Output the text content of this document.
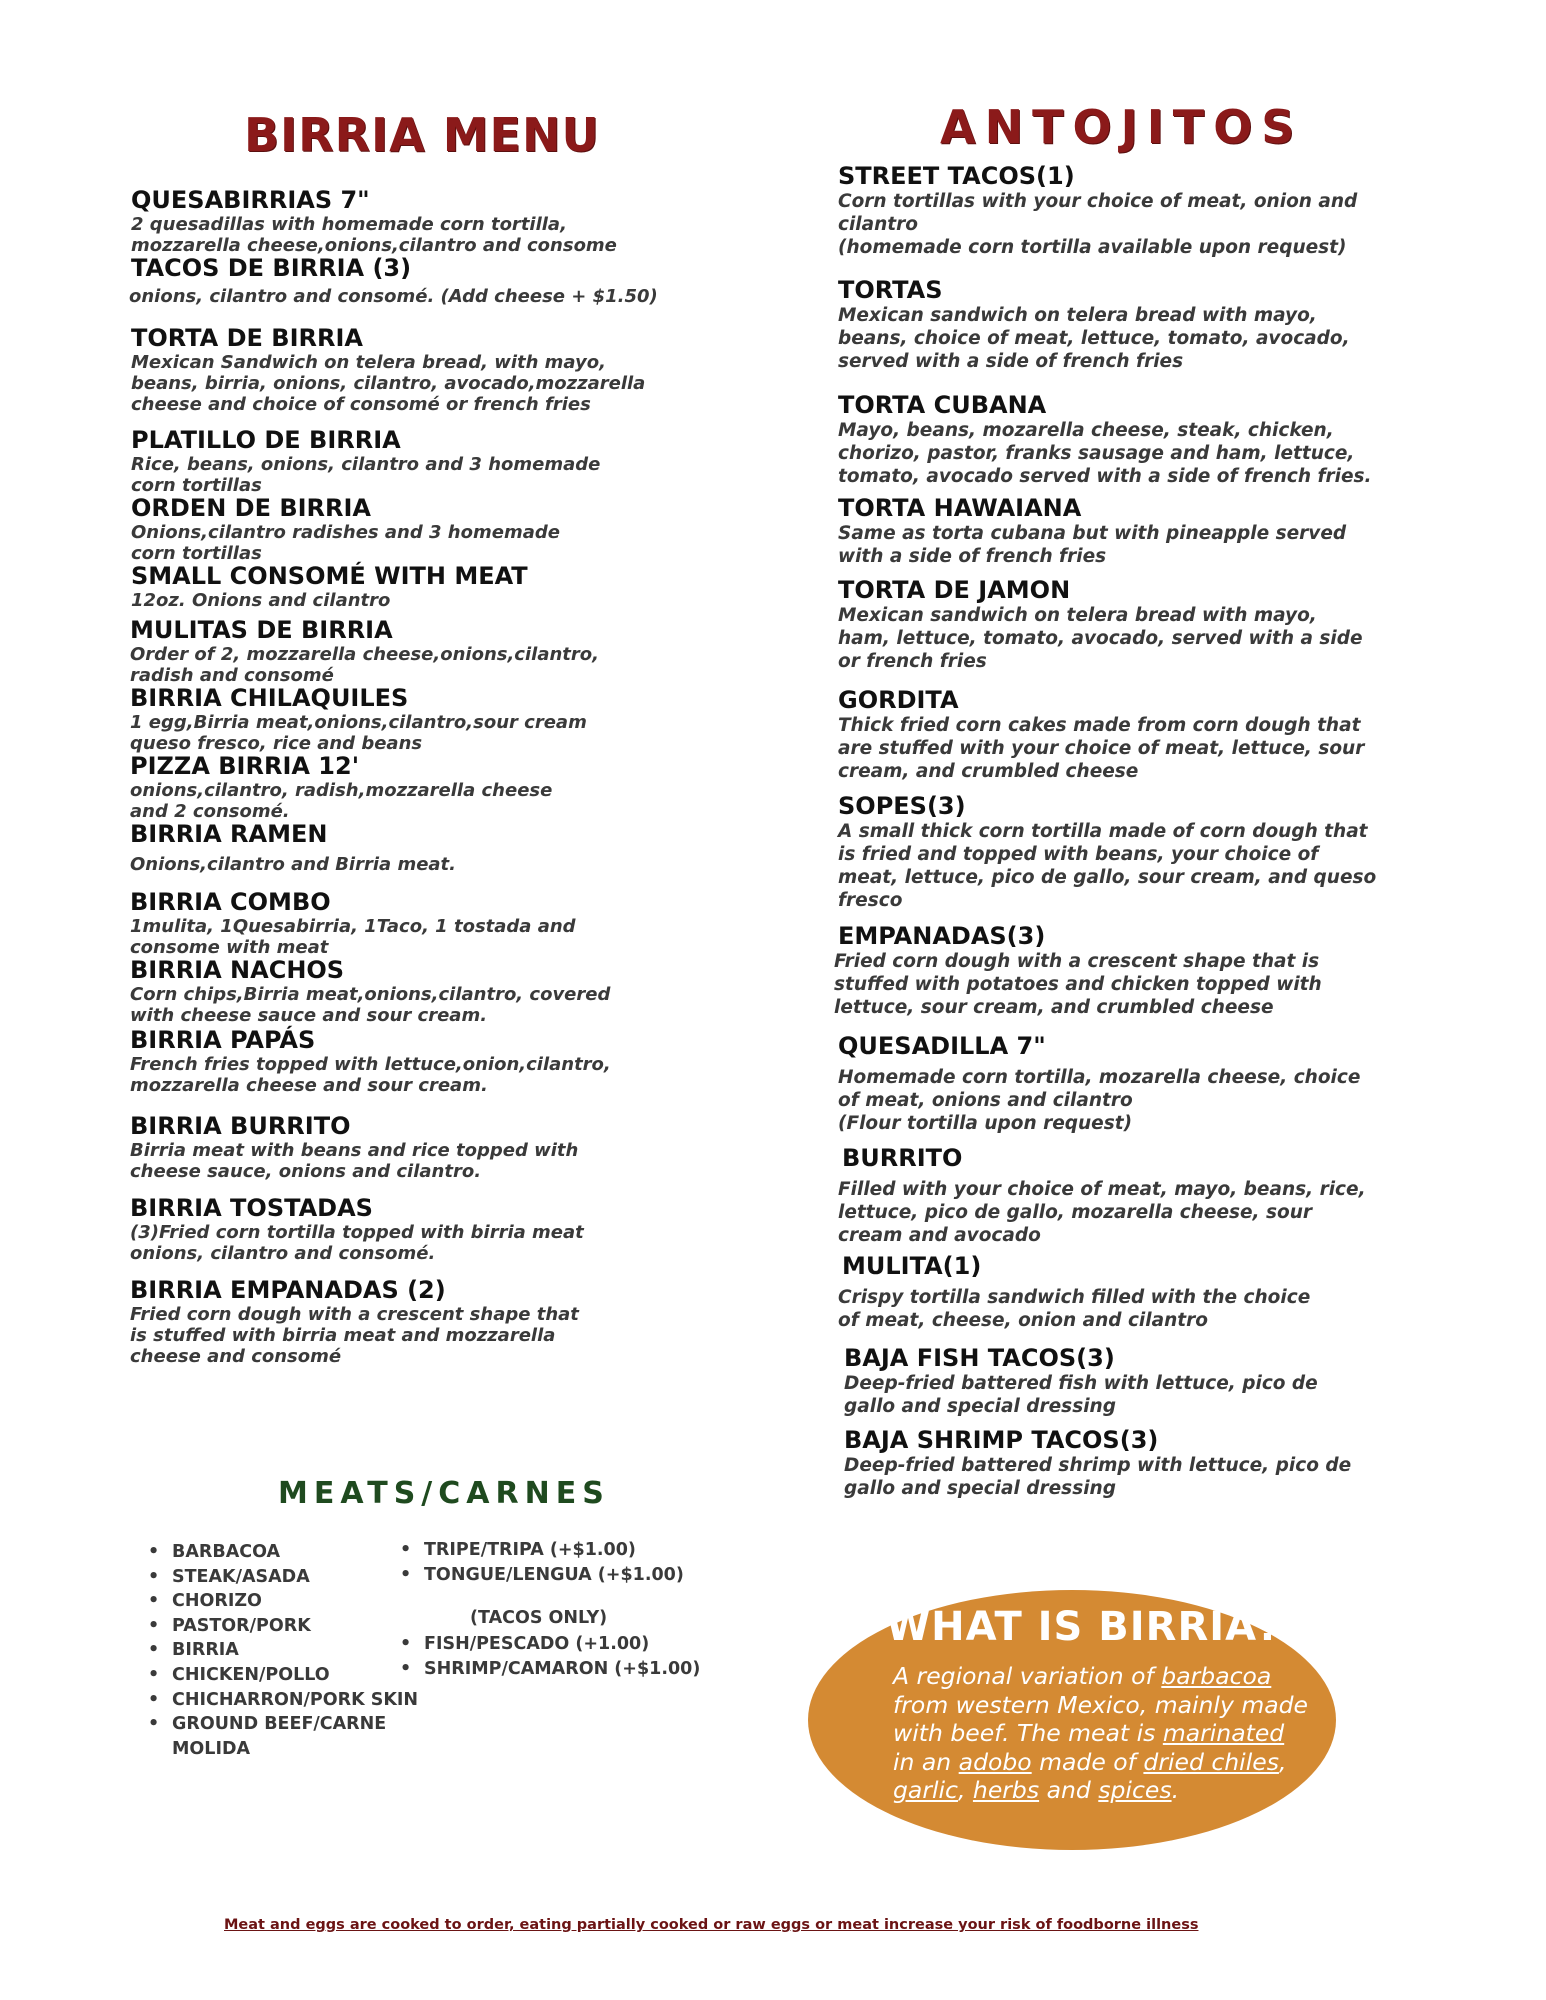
BIRRIA MENU	ANTOJITOS
QUESABIRRIAS 7"
2 quesadillas with homemade corn tortilla,
mozzarella cheese,onions,cilantro and consome
TACOS DE BIRRIA (3)
onions, cilantro and consomé. (Add cheese + $1.50)
TORTA DE BIRRIA
Mexican Sandwich on telera bread, with mayo,
beans, birria, onions, cilantro, avocado,mozzarella
cheese and choice of consomé or french fries
PLATILLO DE BIRRIA
Rice, beans, onions, cilantro and 3 homemade
corn tortillas
ORDEN DE BIRRIA
Onions,cilantro radishes and 3 homemade
corn tortillas
SMALL CONSOMÉ WITH MEAT
12oz. Onions and cilantro
MULITAS DE BIRRIA
Order of 2, mozzarella cheese,onions,cilantro,
radish and consomé
BIRRIA CHILAQUILES
1 egg,Birria meat,onions,cilantro,sour cream
queso fresco, rice and beans
PIZZA BIRRIA 12'
onions,cilantro, radish,mozzarella cheese
and 2 consomé.
BIRRIA RAMEN
Onions,cilantro and Birria meat.
BIRRIA COMBO
1mulita, 1Quesabirria, 1Taco, 1 tostada and
consome with meat
BIRRIA NACHOS
Corn chips,Birria meat,onions,cilantro, covered
with cheese sauce and sour cream.
BIRRIA PAPÁS
French fries topped with lettuce,onion,cilantro,
mozzarella cheese and sour cream.
BIRRIA BURRITO
Birria meat with beans and rice topped with
cheese sauce, onions and cilantro.
BIRRIA TOSTADAS
(3)Fried corn tortilla topped with birria meat
onions, cilantro and consomé.
BIRRIA EMPANADAS (2)
Fried corn dough with a crescent shape that
is stuffed with birria meat and mozzarella
cheese and consomé
STREET TACOS(1)
Corn tortillas with your choice of meat, onion and
cilantro
(homemade corn tortilla available upon request)
TORTAS
Mexican sandwich on telera bread with mayo,
beans, choice of meat, lettuce, tomato, avocado,
served with a side of french fries
TORTA CUBANA
Mayo, beans, mozarella cheese, steak, chicken,
chorizo, pastor, franks sausage and ham, lettuce,
tomato, avocado served with a side of french fries.
TORTA HAWAIANA
Same as torta cubana but with pineapple served
with a side of french fries
TORTA DE JAMON
Mexican sandwich on telera bread with mayo,
ham, lettuce, tomato, avocado, served with a side
or french fries
GORDITA
Thick fried corn cakes made from corn dough that
are stuffed with your choice of meat, lettuce, sour
cream, and crumbled cheese
SOPES(3)
A small thick corn tortilla made of corn dough that
is fried and topped with beans, your choice of
meat, lettuce, pico de gallo, sour cream, and queso
fresco
EMPANADAS(3)
Fried corn dough with a crescent shape that is
stuffed with potatoes and chicken topped with
lettuce, sour cream, and crumbled cheese
QUESADILLA 7"
Homemade corn tortilla, mozarella cheese, choice
of meat, onions and cilantro
(Flour tortilla upon request)
BURRITO
Filled with your choice of meat, mayo, beans, rice,
lettuce, pico de gallo, mozarella cheese, sour
cream and avocado
MULITA(1)
Crispy tortilla sandwich filled with the choice
of meat, cheese, onion and cilantro
BAJA FISH TACOS(3)
Deep-fried battered fish with lettuce, pico de
gallo and special dressing
BAJA SHRIMP TACOS(3)
Deep-fried battered shrimp with lettuce, pico de
gallo and special dressing
MEATS/CARNES
• BARBACOA
• STEAK/ASADA
• CHORIZO
• PASTOR/PORK
• BIRRIA
• CHICKEN/POLLO
• CHICHARRON/PORK SKIN
• GROUND BEEF/CARNE MOLIDA
• TRIPE/TRIPA (+$1.00)
• TONGUE/LENGUA (+$1.00)
(TACOS ONLY)
• FISH/PESCADO (+1.00)
• SHRIMP/CAMARON (+$1.00)
WHAT IS BIRRIA??
A regional variation of barbacoa from western Mexico, mainly made with beef. The meat is marinated in an adobo made of dried chiles, garlic, herbs and spices.
Meat and eggs are cooked to order, eating partially cooked or raw eggs or meat increase your risk of foodborne illness
